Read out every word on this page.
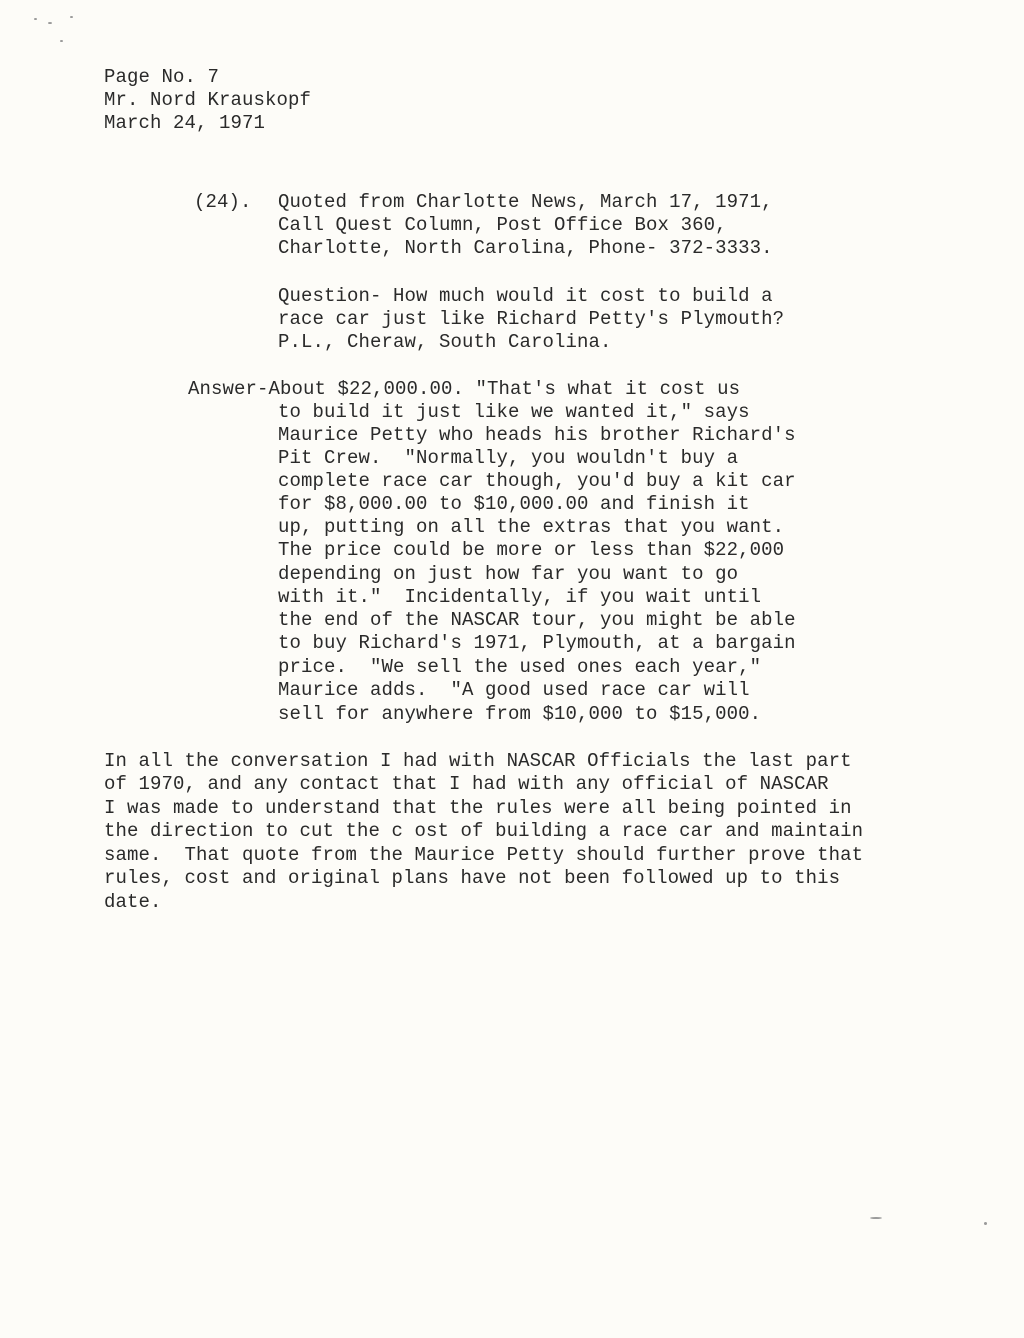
Page No. 7
Mr. Nord Krauskopf
March 24, 1971
(24). Quoted from Charlotte News, March 17, 1971,
Call Quest Column, Post Office Box 360,
Charlotte, North Carolina, Phone- 372-3333.
Question- How much would it cost to build a
race car just like Richard Petty's Plymouth?
P.L., Cheraw, South Carolina.
Answer-About $22,000.00. "That's what it cost us
to build it just like we wanted it," says
Maurice Petty who heads his brother Richard's
Pit Crew.  "Normally, you wouldn't buy a
complete race car though, you'd buy a kit car
for $8,000.00 to $10,000.00 and finish it
up, putting on all the extras that you want.
The price could be more or less than $22,000
depending on just how far you want to go
with it."  Incidentally, if you wait until
the end of the NASCAR tour, you might be able
to buy Richard's 1971, Plymouth, at a bargain
price.  "We sell the used ones each year,"
Maurice adds.  "A good used race car will
sell for anywhere from $10,000 to $15,000.
In all the conversation I had with NASCAR Officials the last part
of 1970, and any contact that I had with any official of NASCAR
I was made to understand that the rules were all being pointed in
the direction to cut the c ost of building a race car and maintain
same.  That quote from the Maurice Petty should further prove that
rules, cost and original plans have not been followed up to this
date.
